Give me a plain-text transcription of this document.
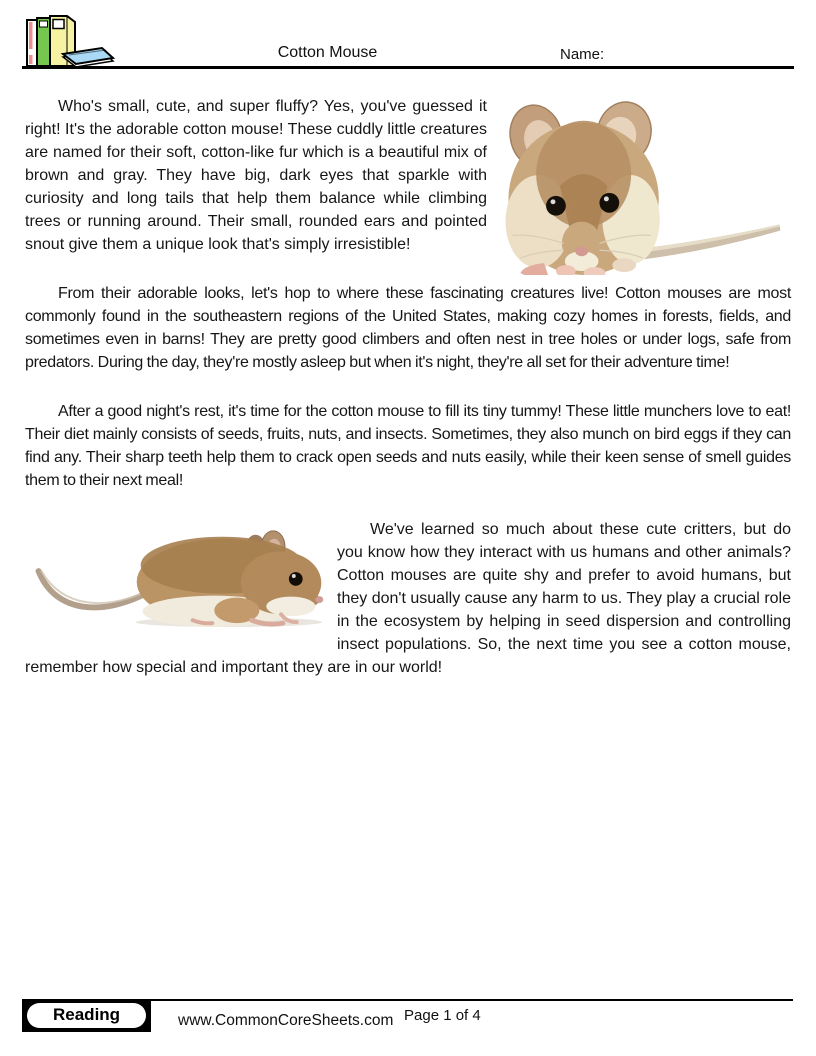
Cotton Mouse	Name:

Who's small, cute, and super fluffy? Yes, you've guessed it right! It's the adorable cotton mouse! These cuddly little creatures are named for their soft, cotton-like fur which is a beautiful mix of brown and gray. They have big, dark eyes that sparkle with curiosity and long tails that help them balance while climbing trees or running around. Their small, rounded ears and pointed snout give them a unique look that's simply irresistible!

From their adorable looks, let's hop to where these fascinating creatures live! Cotton mouses are most commonly found in the southeastern regions of the United States, making cozy homes in forests, fields, and sometimes even in barns! They are pretty good climbers and often nest in tree holes or under logs, safe from predators. During the day, they're mostly asleep but when it's night, they're all set for their adventure time!

After a good night's rest, it's time for the cotton mouse to fill its tiny tummy! These little munchers love to eat! Their diet mainly consists of seeds, fruits, nuts, and insects. Sometimes, they also munch on bird eggs if they can find any. Their sharp teeth help them to crack open seeds and nuts easily, while their keen sense of smell guides them to their next meal!

We've learned so much about these cute critters, but do you know how they interact with us humans and other animals? Cotton mouses are quite shy and prefer to avoid humans, but they don't usually cause any harm to us. They play a crucial role in the ecosystem by helping in seed dispersion and controlling insect populations. So, the next time you see a cotton mouse, remember how special and important they are in our world!

Reading	www.CommonCoreSheets.com Page 1 of 4
